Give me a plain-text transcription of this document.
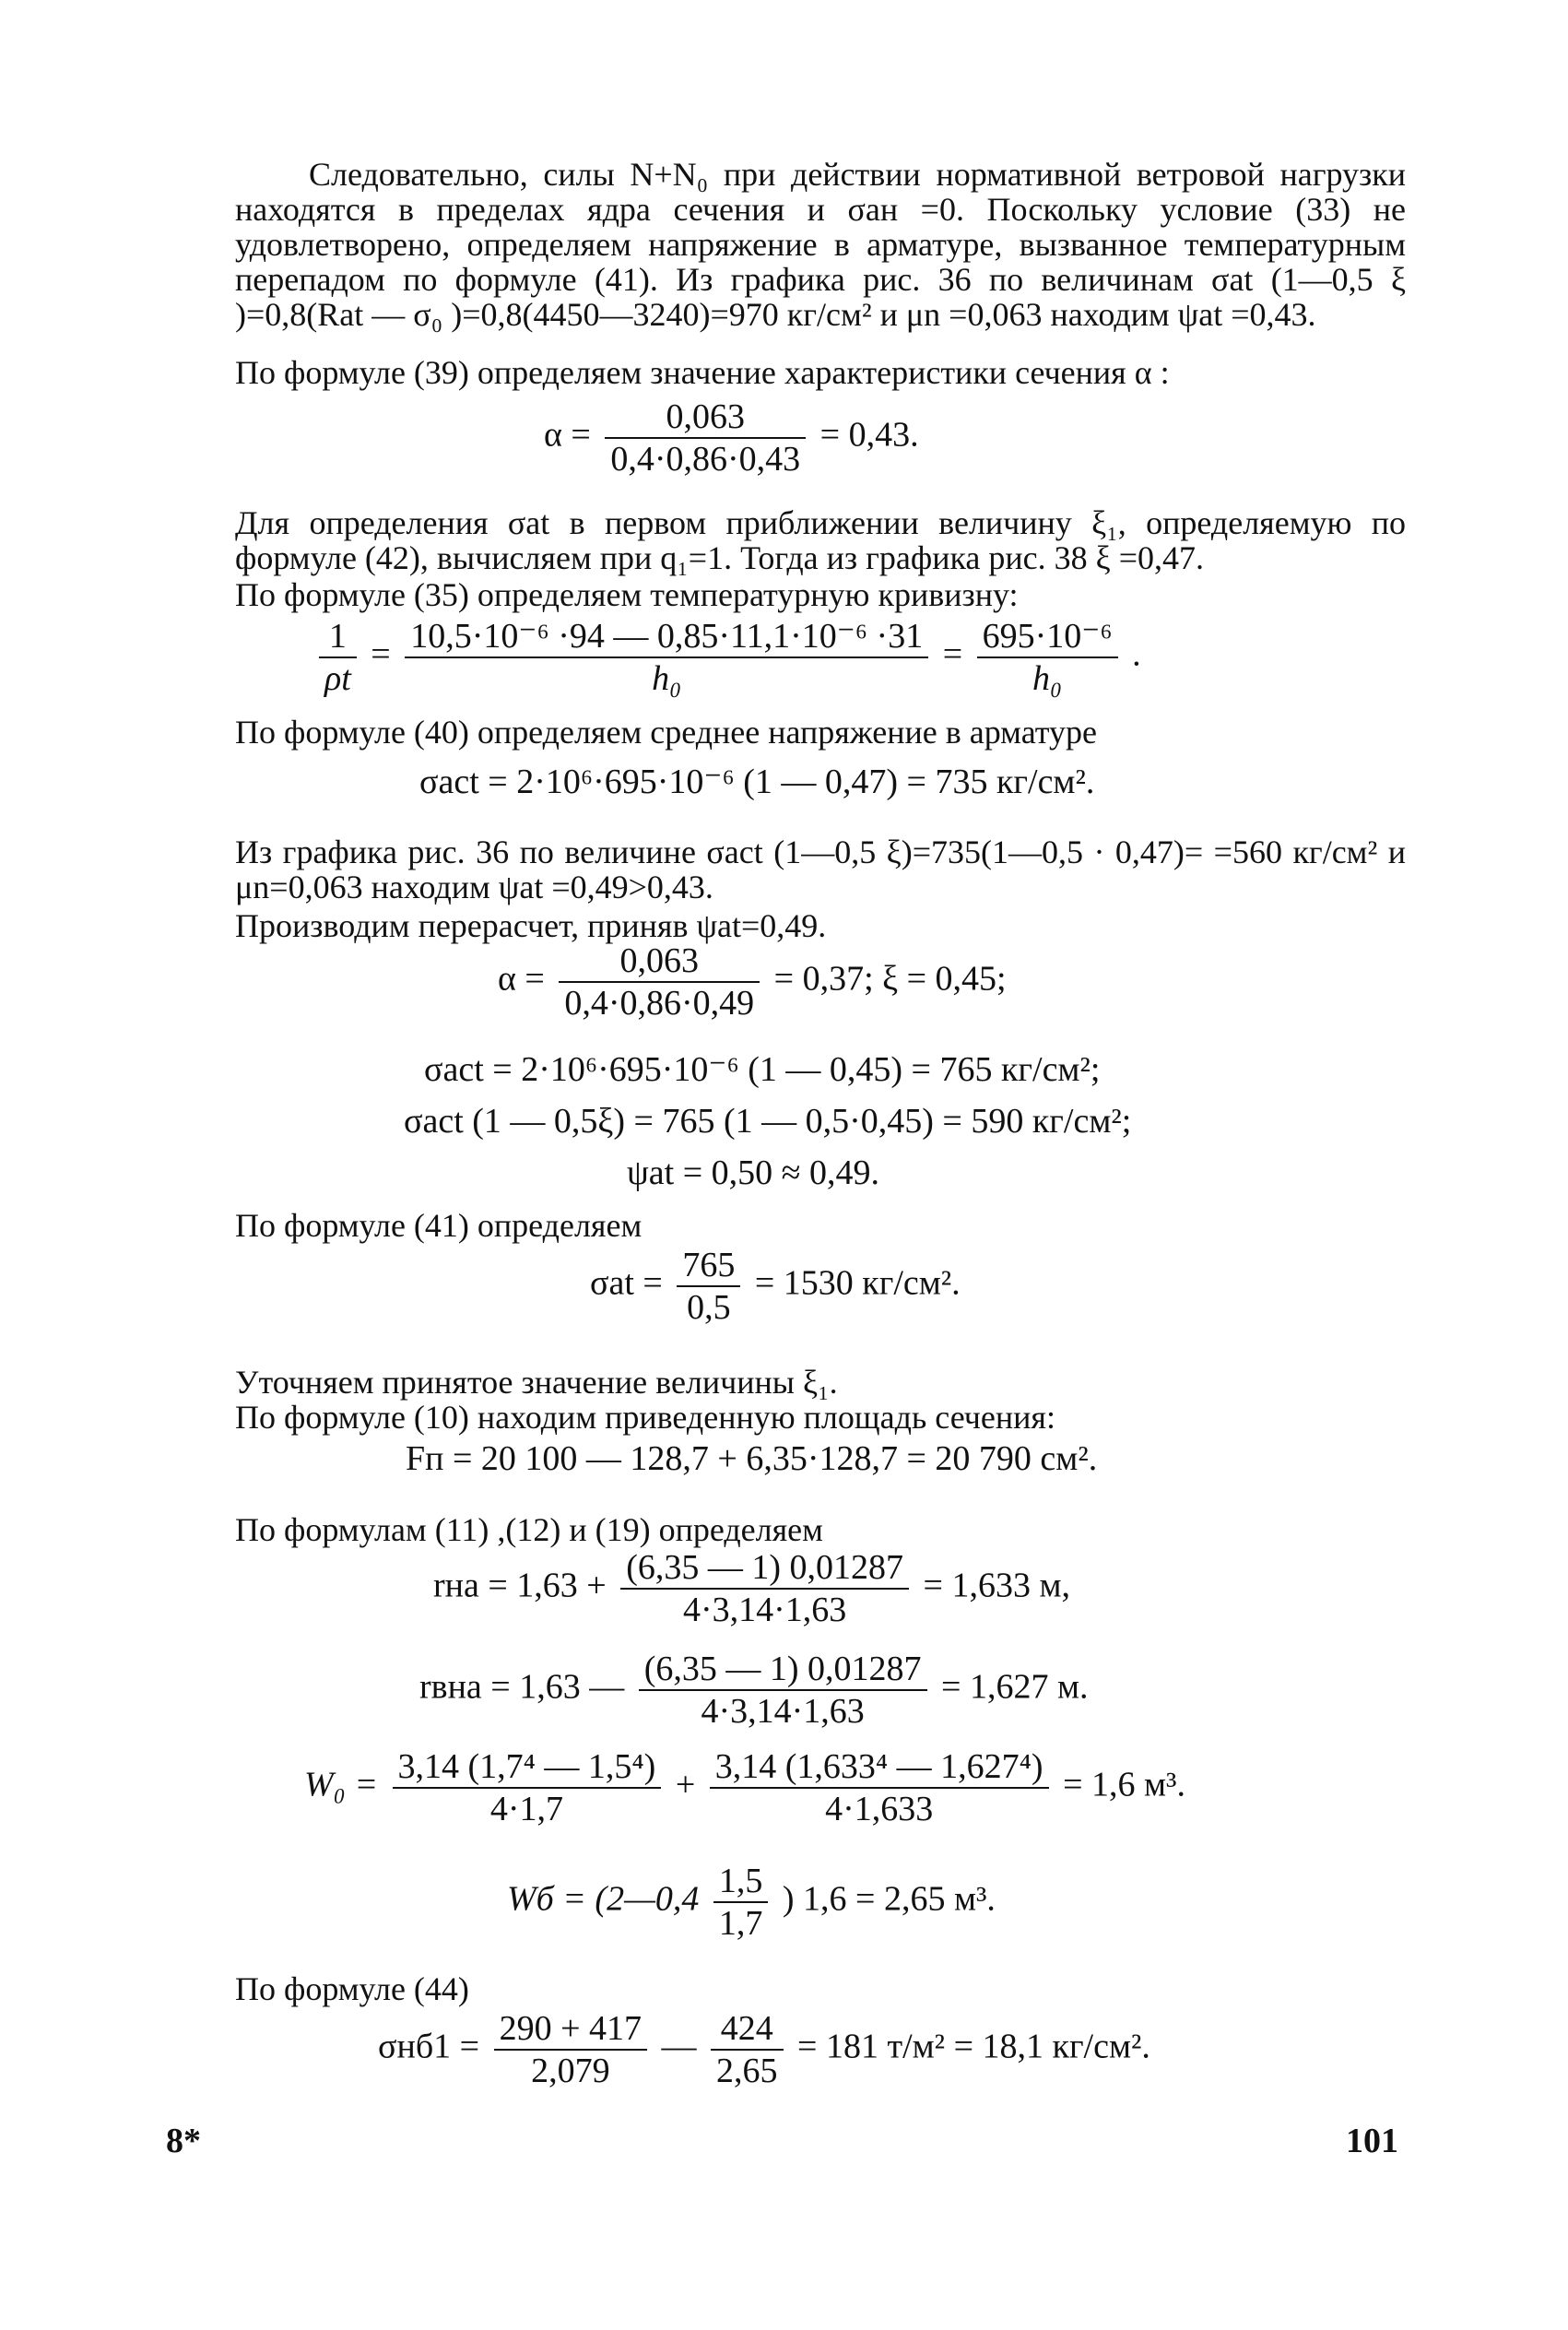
Следовательно, силы N+N₀ при действии нормативной ветровой нагрузки находятся в пределах ядра сечения и σан =0. Поскольку условие (33) не удовлетворено, определяем напряжение в арматуре, вызванное температурным перепадом по формуле (41). Из графика рис. 36 по величинам σat (1—0,5 ξ )=0,8(Rat — σ₀ )=0,8(4450—3240)=970 кг/см² и μn =0,063 находим ψat =0,43.

По формуле (39) определяем значение характеристики сечения α :

$\alpha = \frac{0,063}{0,4\cdot 0,86\cdot 0,43} = 0,43$.

Для определения σat в первом приближении величину ξ₁, определяемую по формуле (42), вычисляем при q₁=1. Тогда из графика рис. 38 ξ =0,47.

По формуле (35) определяем температурную кривизну:

$\frac{1}{\rho t} = \frac{\text{10,5·10⁻⁶ ·94 — 0,85·11,1·10⁻⁶ ·31}}{\text{h₀}} = \frac{\text{695·10⁻⁶}}{\text{h₀}}$ .

По формуле (40) определяем среднее напряжение в арматуре

σact = 2·10⁶·695·10⁻⁶ (1 — 0,47) = 735 кг/см².

Из графика рис. 36 по величине σact (1—0,5 ξ)=735(1—0,5 · 0,47)= =560 кг/см² и μn=0,063 находим ψat =0,49>0,43.

Производим перерасчет, приняв ψat=0,49.

$\alpha = \frac{0,063}{0,4\cdot 0,86\cdot 0,49} = 0,37$; ξ = 0,45;
σact = 2·10⁶·695·10⁻⁶ (1 — 0,45) = 765 кг/см²;
σact (1 — 0,5ξ) = 765 (1 — 0,5·0,45) = 590 кг/см²;
ψat = 0,50 ≈ 0,49.

По формуле (41) определяем

$\sigma at = \frac{765}{0,5} = 1530$ кг/см².

Уточняем принятое значение величины ξ₁.

По формуле (10) находим приведенную площадь сечения:

Fп = 20 100 — 128,7 + 6,35·128,7 = 20 790 см².

По формулам (11) ,(12) и (19) определяем

rна = $1,63 + \frac{(6,35 — 1) 0,01287}{4\cdot 3,14\cdot 1,63} = 1,633$ м,
rвна = 1,63 — $\frac{(6,35 — 1) 0,01287}{4\cdot 3,14\cdot 1,63} = 1,627$ м.
$W_0 = \frac{\text{3,14 (1,7⁴ — 1,5⁴)}}{4\cdot 1,7} + \frac{\text{3,14 (1,633⁴ — 1,627⁴)}}{4\cdot 1,633} = 1,6$ м³.
Wб = (2—0,4 $\frac{1,5}{1,7}$ ) 1,6 = 2,65 м³.

По формуле (44)

$\sigma нб1 = \frac{290 + 417}{2,079}$ — $\frac{424}{2,65} = 181$ т/м² = 18,1 кг/см².
8*	101
